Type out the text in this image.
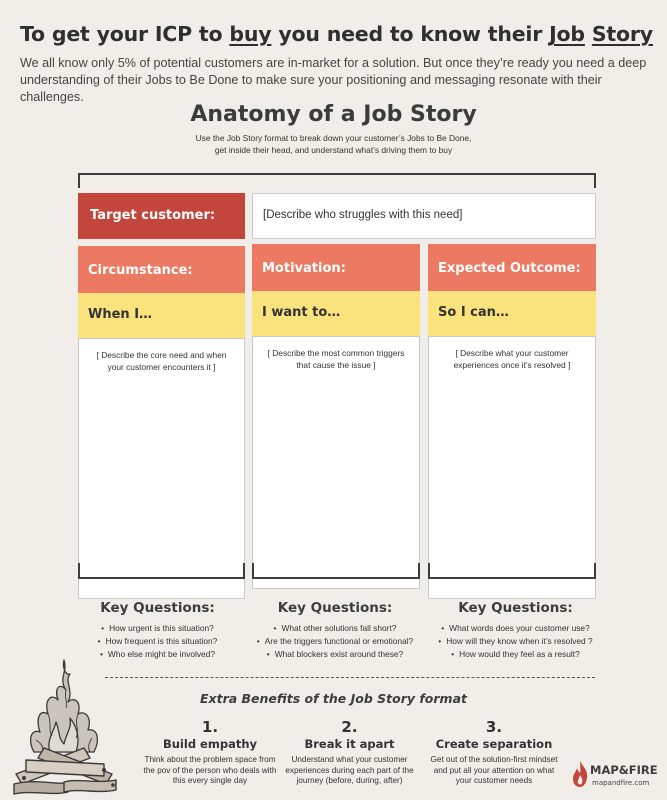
To get your ICP to buy you need to know their Job Story
We all know only 5% of potential customers are in-market for a solution. But once they’re ready you need a deep understanding of their Jobs to Be Done to make sure your positioning and messaging resonate with their challenges.
Anatomy of a Job Story
Use the Job Story format to break down your customer’s Jobs to Be Done,
get inside their head, and understand what’s driving them to buy
Target customer:	[Describe who struggles with this need]
Circumstance:
When I…
[ Describe the core need and when
your customer encounters it ]
Motivation:
I want to…
[ Describe the most common triggers
that cause the issue ]
Expected Outcome:
So I can…
[ Describe what your customer
experiences once it’s resolved ]
Key Questions:
• How urgent is this situation?
• How frequent is this situation?
• Who else might be involved?
Key Questions:
• What other solutions fall short?
• Are the triggers functional or emotional?
• What blockers exist around these?
Key Questions:
• What words does your customer use?
• How will they know when it’s resolved ?
• How would they feel as a result?
Extra Benefits of the Job Story format
1.
Build empathy
Think about the problem space from
the pov of the person who deals with
this every single day
2.
Break it apart
Understand what your customer
experiences during each part of the
journey (before, during, after)
3.
Create separation
Get out of the solution-first mindset
and put all your attention on what
your customer needs
MAP&FIRE
mapandfire.com
